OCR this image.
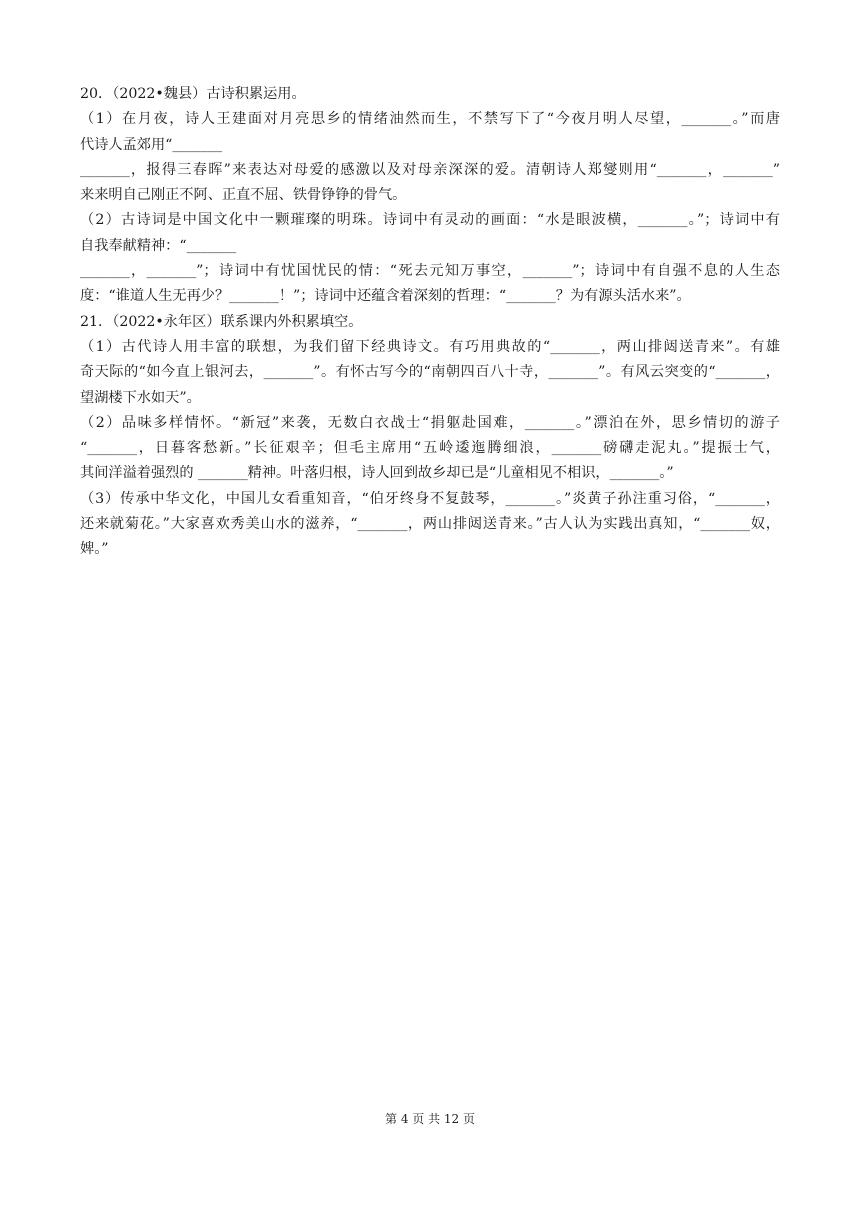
20．（2022•魏县）古诗积累运用。
（1）在月夜，诗人王建面对月亮思乡的情绪油然而生，不禁写下了“今夜月明人尽望，_______。”而唐
代诗人孟郊用“_______
_______，报得三春晖”来表达对母爱的感激以及对母亲深深的爱。清朝诗人郑燮则用“_______，_______”
来来明自己刚正不阿、正直不屈、铁骨铮铮的骨气。
（2）古诗词是中国文化中一颗璀璨的明珠。诗词中有灵动的画面：“水是眼波横，_______。”；诗词中有
自我奉献精神：“_______
_______，_______”；诗词中有忧国忧民的情：“死去元知万事空，_______”；诗词中有自强不息的人生态
度：“谁道人生无再少？_______！”；诗词中还蕴含着深刻的哲理：“_______？为有源头活水来”。
21．（2022•永年区）联系课内外积累填空。
（1）古代诗人用丰富的联想，为我们留下经典诗文。有巧用典故的“_______，两山排闼送青来”。有雄
奇天际的“如今直上银河去，_______”。有怀古写今的“南朝四百八十寺，_______”。有风云突变的“_______，
望湖楼下水如天”。
（2）品味多样情怀。“新冠”来袭，无数白衣战士“捐躯赴国难，_______。”漂泊在外，思乡情切的游子
“_______，日暮客愁新。”长征艰辛；但毛主席用“五岭逶迤腾细浪，_______磅礴走泥丸。”提振士气，
其间洋溢着强烈的 _______精神。叶落归根，诗人回到故乡却已是“儿童相见不相识，_______。”
（3）传承中华文化，中国儿女看重知音，“伯牙终身不复鼓琴，_______。”炎黄子孙注重习俗，“_______，
还来就菊花。”大家喜欢秀美山水的滋养，“_______，两山排闼送青来。”古人认为实践出真知，“_______奴，
婢。”
第 4 页 共 12 页
